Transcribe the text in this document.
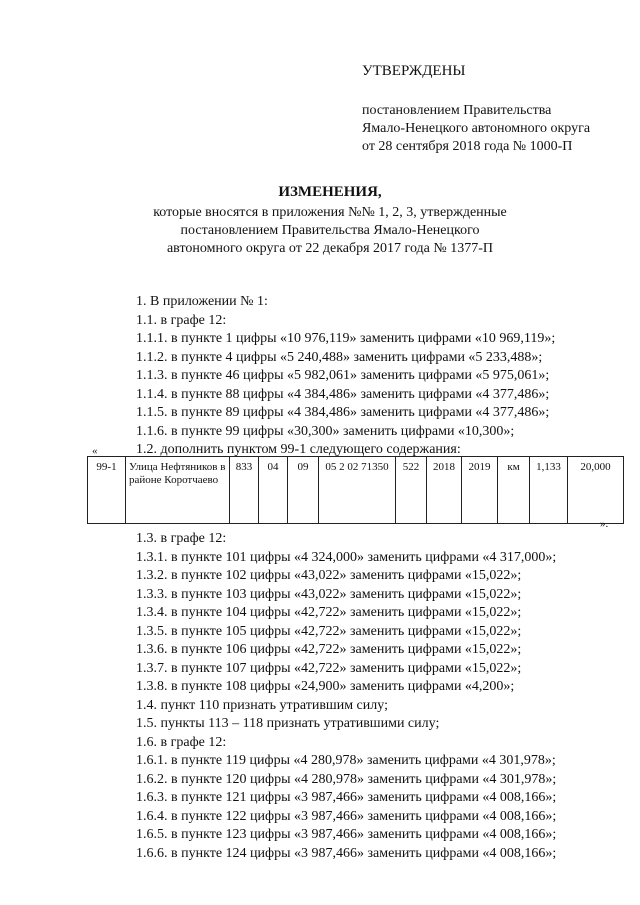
УТВЕРЖДЕНЫ
постановлением Правительства
Ямало-Ненецкого автономного округа
от 28 сентября 2018 года № 1000-П
ИЗМЕНЕНИЯ,
которые вносятся в приложения №№ 1, 2, 3, утвержденные
постановлением Правительства Ямало-Ненецкого
автономного округа от 22 декабря 2017 года № 1377-П
1. В приложении № 1:
1.1. в графе 12:
1.1.1. в пункте 1 цифры «10 976,119» заменить цифрами «10 969,119»;
1.1.2. в пункте 4 цифры «5 240,488» заменить цифрами «5 233,488»;
1.1.3. в пункте 46 цифры «5 982,061» заменить цифрами «5 975,061»;
1.1.4. в пункте 88 цифры «4 384,486» заменить цифрами «4 377,486»;
1.1.5. в пункте 89 цифры «4 384,486» заменить цифрами «4 377,486»;
1.1.6. в пункте 99 цифры «30,300» заменить цифрами «10,300»;
1.2. дополнить пунктом 99-1 следующего содержания:
«
99-1	Улица Нефтяников в районе Коротчаево	833	04	09	05 2 02 71350	522	2018	2019	км	1,133	20,000
».
1.3. в графе 12:
1.3.1. в пункте 101 цифры «4 324,000» заменить цифрами «4 317,000»;
1.3.2. в пункте 102 цифры «43,022» заменить цифрами «15,022»;
1.3.3. в пункте 103 цифры «43,022» заменить цифрами «15,022»;
1.3.4. в пункте 104 цифры «42,722» заменить цифрами «15,022»;
1.3.5. в пункте 105 цифры «42,722» заменить цифрами «15,022»;
1.3.6. в пункте 106 цифры «42,722» заменить цифрами «15,022»;
1.3.7. в пункте 107 цифры «42,722» заменить цифрами «15,022»;
1.3.8. в пункте 108 цифры «24,900» заменить цифрами «4,200»;
1.4. пункт 110 признать утратившим силу;
1.5. пункты 113 – 118 признать утратившими силу;
1.6. в графе 12:
1.6.1. в пункте 119 цифры «4 280,978» заменить цифрами «4 301,978»;
1.6.2. в пункте 120 цифры «4 280,978» заменить цифрами «4 301,978»;
1.6.3. в пункте 121 цифры «3 987,466» заменить цифрами «4 008,166»;
1.6.4. в пункте 122 цифры «3 987,466» заменить цифрами «4 008,166»;
1.6.5. в пункте 123 цифры «3 987,466» заменить цифрами «4 008,166»;
1.6.6. в пункте 124 цифры «3 987,466» заменить цифрами «4 008,166»;
